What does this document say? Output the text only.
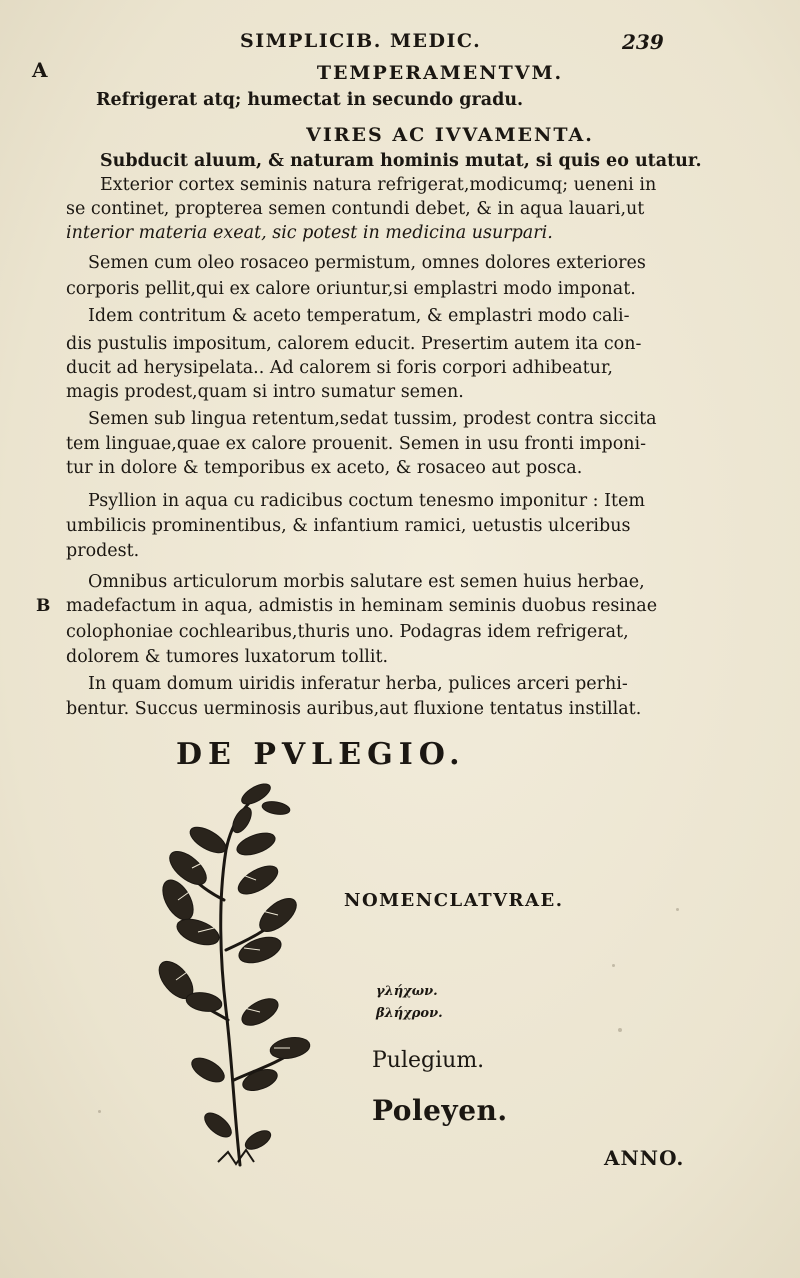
SIMPLICIB. MEDIC.	239
A
B
TEMPERAMENTVM.
Refrigerat atq; humectat in secundo gradu.
VIRES AC IVVAMENTA.
Subducit aluum, & naturam hominis mutat, si quis eo utatur.
Exterior cortex seminis natura refrigerat,modicumq; ueneni in
se continet, propterea semen contundi debet, & in aqua lauari,ut
interior materia exeat, sic potest in medicina usurpari.
Semen cum oleo rosaceo permistum, omnes dolores exteriores
corporis pellit,qui ex calore oriuntur,si emplastri modo imponat.
Idem contritum & aceto temperatum, & emplastri modo cali-
dis pustulis impositum, calorem educit. Presertim autem ita con-
ducit ad herysipelata.. Ad calorem si foris corpori adhibeatur,
magis prodest,quam si intro sumatur semen.
Semen sub lingua retentum,sedat tussim, prodest contra siccita
tem linguae,quae ex calore prouenit. Semen in usu fronti imponi-
tur in dolore & temporibus ex aceto, & rosaceo aut posca.
Psyllion in aqua cu radicibus coctum tenesmo imponitur : Item
umbilicis prominentibus, & infantium ramici, uetustis ulceribus
prodest.
Omnibus articulorum morbis salutare est semen huius herbae,
madefactum in aqua, admistis in heminam seminis duobus resinae
colophoniae cochlearibus,thuris uno. Podagras idem refrigerat,
dolorem & tumores luxatorum tollit.
In quam domum uiridis inferatur herba, pulices arceri perhi-
bentur. Succus uerminosis auribus,aut fluxione tentatus instillat.
DE PVLEGIO.
NOMENCLATVRAE.
γλήχων.
βλήχρον.
Pulegium.
Poleyen.
ANNO.
